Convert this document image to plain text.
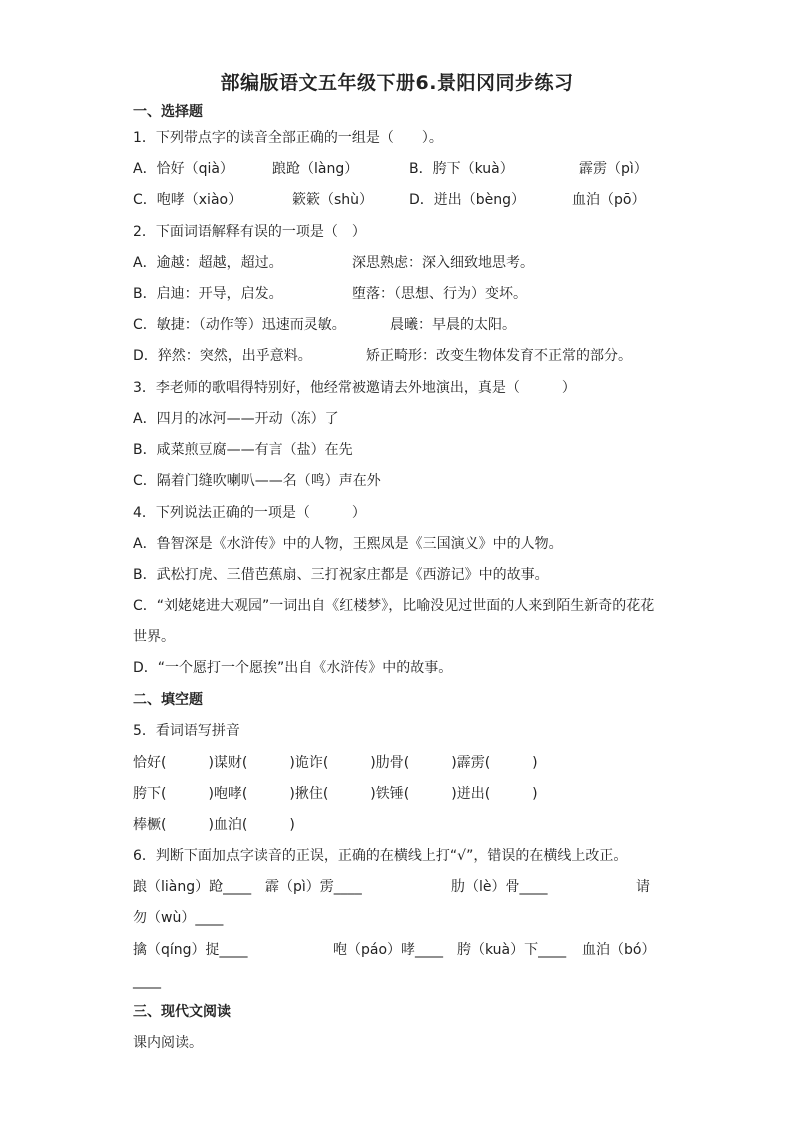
部编版语文五年级下册6.景阳冈同步练习
一、选择题
1．下列带点字的读音全部正确的一组是（　　）。
A．恰好（qià）	踉跄（làng）	B．胯下（kuà）	霹雳（pì）
C．咆哮（xiào）	簌簌（shù）	D．迸出（bèng）	血泊（pō）
2．下面词语解释有误的一项是（　）
A．逾越：超越，超过。	深思熟虑：深入细致地思考。
B．启迪：开导，启发。	堕落：（思想、行为）变坏。
C．敏捷：（动作等）迅速而灵敏。	晨曦：早晨的太阳。
D．猝然：突然，出乎意料。	矫正畸形：改变生物体发育不正常的部分。
3．李老师的歌唱得特别好，他经常被邀请去外地演出，真是（　　　）
A．四月的冰河——开动（冻）了
B．咸菜煎豆腐——有言（盐）在先
C．隔着门缝吹喇叭——名（鸣）声在外
4．下列说法正确的一项是（　　　）
A．鲁智深是《水浒传》中的人物，王熙凤是《三国演义》中的人物。
B．武松打虎、三借芭蕉扇、三打祝家庄都是《西游记》中的故事。
C．“刘姥姥进大观园”一词出自《红楼梦》，比喻没见过世面的人来到陌生新奇的花花
世界。
D．“一个愿打一个愿挨”出自《水浒传》中的故事。
二、填空题
5．看词语写拼音
恰好(　　　)谋财(　　　)诡诈(　　　)肋骨(　　　)霹雳(　　　)
胯下(　　　)咆哮(　　　)揪住(　　　)铁锤(　　　)迸出(　　　)
棒橛(　　　)血泊(　　　)
6．判断下面加点字读音的正误，正确的在横线上打“√”，错误的在横线上改正。
踉（liàng）跄____ 霹（pì）雳____	肋（lè）骨____	请
勿（wù）____
擒（qíng）捉____	咆（páo）哮____ 胯（kuà）下____ 血泊（bó）
____
三、现代文阅读
课内阅读。
